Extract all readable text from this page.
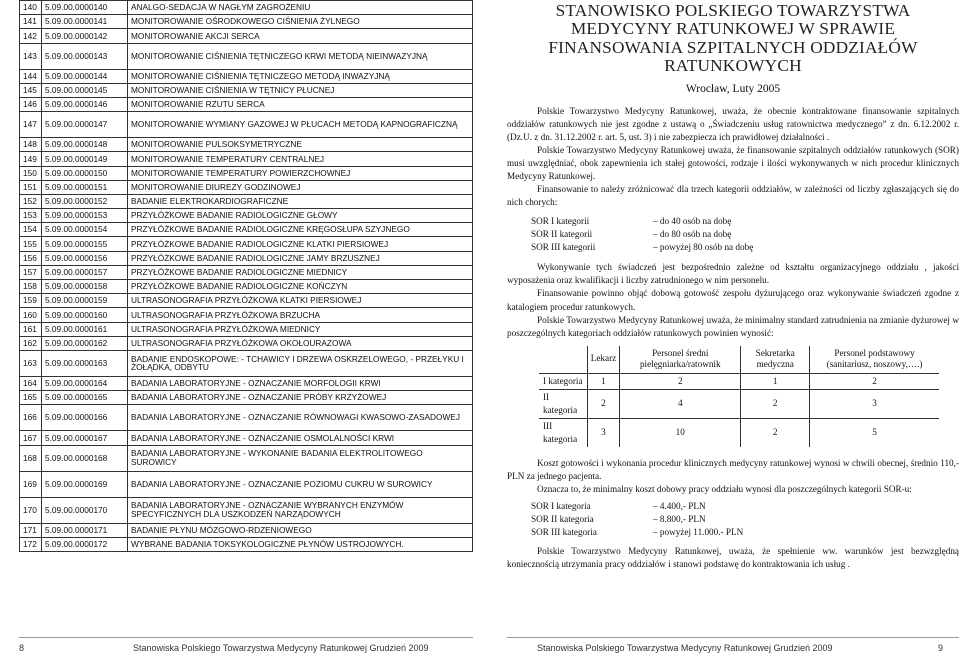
140	5.09.00.0000140	ANALGO-SEDACJA W NAGŁYM ZAGROŻENIU
141	5.09.00.0000141	MONITOROWANIE OŚRODKOWEGO CIŚNIENIA ŻYLNEGO
142	5.09.00.0000142	MONITOROWANIE AKCJI SERCA
143	5.09.00.0000143	MONITOROWANIE CIŚNIENIA TĘTNICZEGO KRWI METODĄ NIEINWAZYJNĄ
144	5.09.00.0000144	MONITOROWANIE CIŚNIENIA TĘTNICZEGO METODĄ INWAZYJNĄ
145	5.09.00.0000145	MONITOROWANIE CIŚNIENIA W TĘTNICY PŁUCNEJ
146	5.09.00.0000146	MONITOROWANIE RZUTU SERCA
147	5.09.00.0000147	MONITOROWANIE WYMIANY GAZOWEJ W PŁUCACH METODĄ KAPNOGRAFICZNĄ
148	5.09.00.0000148	MONITOROWANIE PULSOKSYMETRYCZNE
149	5.09.00.0000149	MONITOROWANIE TEMPERATURY CENTRALNEJ
150	5.09.00.0000150	MONITOROWANIE TEMPERATURY POWIERZCHOWNEJ
151	5.09.00.0000151	MONITOROWANIE DIUREZY GODZINOWEJ
152	5.09.00.0000152	BADANIE ELEKTROKARDIOGRAFICZNE
153	5.09.00.0000153	PRZYŁÓŻKOWE BADANIE RADIOLOGICZNE GŁOWY
154	5.09.00.0000154	PRZYŁÓŻKOWE BADANIE RADIOLOGICZNE KRĘGOSŁUPA SZYJNEGO
155	5.09.00.0000155	PRZYŁÓŻKOWE BADANIE RADIOLOGICZNE KLATKI PIERSIOWEJ
156	5.09.00.0000156	PRZYŁÓŻKOWE BADANIE RADIOLOGICZNE JAMY BRZUSZNEJ
157	5.09.00.0000157	PRZYŁÓŻKOWE BADANIE RADIOLOGICZNE MIEDNICY
158	5.09.00.0000158	PRZYŁÓŻKOWE BADANIE RADIOLOGICZNE KOŃCZYN
159	5.09.00.0000159	ULTRASONOGRAFIA PRZYŁÓŻKOWA KLATKI PIERSIOWEJ
160	5.09.00.0000160	ULTRASONOGRAFIA PRZYŁÓŻKOWA BRZUCHA
161	5.09.00.0000161	ULTRASONOGRAFIA PRZYŁÓŻKOWA MIEDNICY
162	5.09.00.0000162	ULTRASONOGRAFIA PRZYŁÓŻKOWA OKOŁOURAZOWA
163	5.09.00.0000163	BADANIE ENDOSKOPOWE: - TCHAWICY I DRZEWA OSKRZELOWEGO, - PRZEŁYKU I ŻOŁĄDKA, ODBYTU
164	5.09.00.0000164	BADANIA LABORATORYJNE - OZNACZANIE MORFOLOGII KRWI
165	5.09.00.0000165	BADANIA LABORATORYJNE - OZNACZANIE PRÓBY KRZYŻOWEJ
166	5.09.00.0000166	BADANIA LABORATORYJNE - OZNACZANIE RÓWNOWAGI KWASOWO-ZASADOWEJ
167	5.09.00.0000167	BADANIA LABORATORYJNE - OZNACZANIE OSMOLALNOŚCI KRWI
168	5.09.00.0000168	BADANIA LABORATORYJNE - WYKONANIE BADANIA ELEKTROLITOWEGO SUROWICY
169	5.09.00.0000169	BADANIA LABORATORYJNE - OZNACZANIE POZIOMU CUKRU W SUROWICY
170	5.09.00.0000170	BADANIA LABORATORYJNE - OZNACZANIE WYBRANYCH ENZYMÓW SPECYFICZNYCH DLA USZKODZEŃ NARZĄDOWYCH
171	5.09.00.0000171	BADANIE PŁYNU MÓZGOWO-RDZENIOWEGO
172	5.09.00.0000172	WYBRANE BADANIA TOKSYKOLOGICZNE PŁYNÓW USTROJOWYCH.
STANOWISKO POLSKIEGO TOWARZYSTWA MEDYCYNY RATUNKOWEJ W SPRAWIE FINANSOWANIA SZPITALNYCH ODDZIAŁÓW RATUNKOWYCH
Wrocław, Luty 2005

Polskie Towarzystwo Medycyny Ratunkowej, uważa, że obecnie kontraktowane finansowanie szpitalnych oddziałów ratunkowych nie jest zgodne z ustawą o „Świadczeniu usług ratownictwa medycznego” z dn. 6.12.2002 r. (Dz.U. z dn. 31.12.2002 r. art. 5, ust. 3) i nie zabezpiecza ich prawidłowej działalności .

Polskie Towarzystwo Medycyny Ratunkowej uważa, że finansowanie szpitalnych oddziałów ratunkowych (SOR) musi uwzględniać, obok zapewnienia ich stałej gotowości, rodzaje i ilości wykonywanych w nich procedur klinicznych Medycyny Ratunkowej.

Finansowanie to należy zróżnicować dla trzech kategorii oddziałów, w zależności od liczby zgłaszających się do nich chorych:

SOR I kategorii	– do 40 osób na dobę
SOR II kategorii	– do 80 osób na dobę
SOR III kategorii	– powyżej 80 osób na dobę

Wykonywanie tych świadczeń jest bezpośrednio zależne od kształtu organizacyjnego oddziału , jakości wyposażenia oraz kwalifikacji i liczby zatrudnionego w nim personelu.

Finansowanie powinno objąć dobową gotowość zespołu dyżurującego oraz wykonywanie świadczeń zgodne z katalogiem procedur ratunkowych.

Polskie Towarzystwo Medycyny Ratunkowej uważa, że minimalny standard zatrudnienia na zmianie dyżurowej w poszczególnych kategoriach oddziałów ratunkowych powinien wynosić:

	Lekarz	Personel średni pielęgniarka/ratownik	Sekretarka medyczna	Personel podstawowy (sanitariusz, noszowy,….)
I kategoria	1	2	1	2
II kategoria	2	4	2	3
III kategoria	3	10	2	5

Koszt gotowości i wykonania procedur klinicznych medycyny ratunkowej wynosi w chwili obecnej, średnio 110,- PLN za jednego pacjenta.

Oznacza to, że minimalny koszt dobowy pracy oddziału wynosi dla poszczególnych kategorii SOR-u:

SOR I kategoria	– 4.400,- PLN
SOR II kategoria	– 8.800,- PLN
SOR III kategoria	– powyżej 11.000.- PLN

Polskie Towarzystwo Medycyny Ratunkowej, uważa, że spełnienie ww. warunków jest bezwzględną koniecznością utrzymania pracy oddziałów i stanowi podstawę do kontraktowania ich usług .

8	Stanowiska Polskiego Towarzystwa Medycyny Ratunkowej Grudzień 2009	Stanowiska Polskiego Towarzystwa Medycyny Ratunkowej Grudzień 2009	9
